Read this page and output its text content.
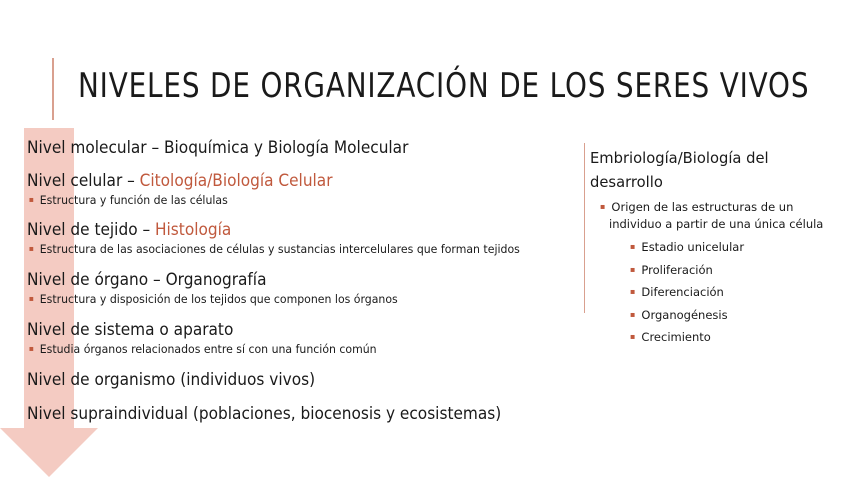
NIVELES DE ORGANIZACIÓN DE LOS SERES VIVOS
Nivel molecular – Bioquímica y Biología Molecular
Nivel celular – Citología/Biología Celular
▪ Estructura y función de las células
Nivel de tejido – Histología
▪ Estructura de las asociaciones de células y sustancias intercelulares que forman tejidos
Nivel de órgano – Organografía
▪ Estructura y disposición de los tejidos que componen los órganos
Nivel de sistema o aparato
▪ Estudia órganos relacionados entre sí con una función común
Nivel de organismo (individuos vivos)
Nivel supraindividual (poblaciones, biocenosis y ecosistemas)
Embriología/Biología del
desarrollo
▪ Origen de las estructuras de un
individuo a partir de una única célula
▪ Estadio unicelular
▪ Proliferación
▪ Diferenciación
▪ Organogénesis
▪ Crecimiento
